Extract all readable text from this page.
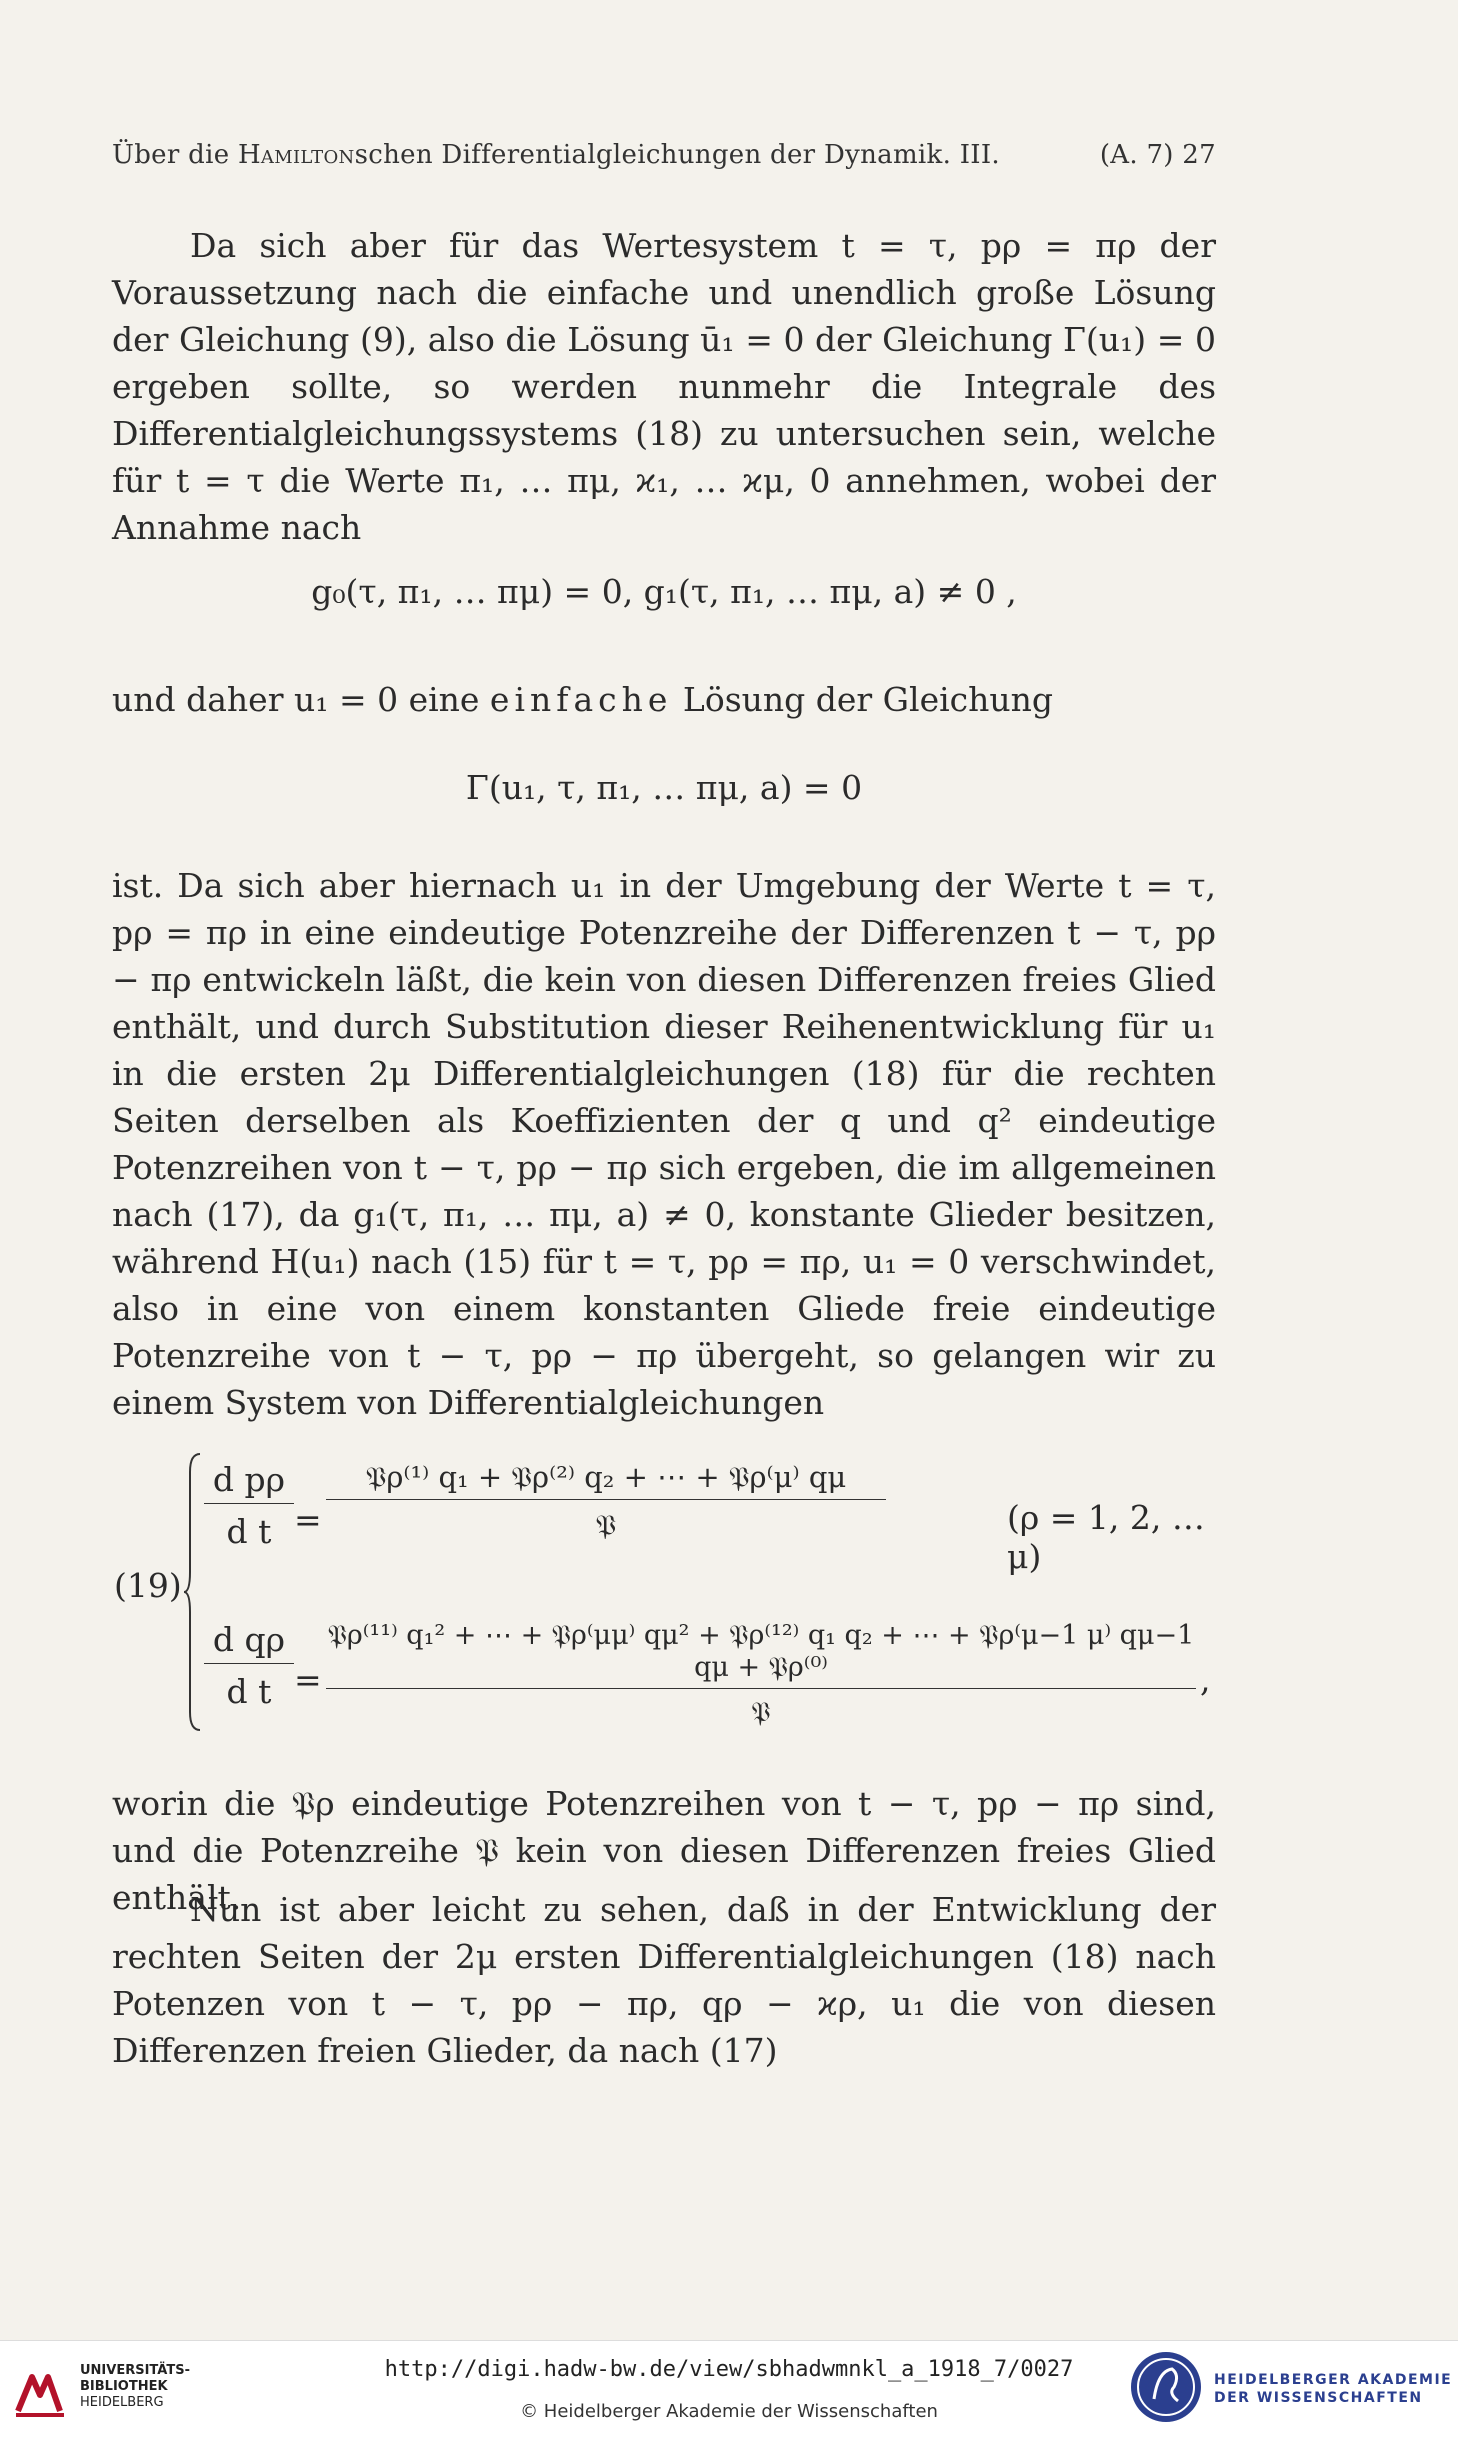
Über die Hamiltonschen Differentialgleichungen der Dynamik. III.	(A. 7) 27

Da sich aber für das Wertesystem t = τ, pρ = πρ der Voraussetzung nach die einfache und unendlich große Lösung der Gleichung (9), also die Lösung ū₁ = 0 der Gleichung Γ(u₁) = 0 ergeben sollte, so werden nunmehr die Integrale des Differentialgleichungssystems (18) zu untersuchen sein, welche für t = τ die Werte π₁, … πμ, ϰ₁, … ϰμ, 0 annehmen, wobei der Annahme nach

g₀(τ, π₁, … πμ) = 0, g₁(τ, π₁, … πμ, a) ≠ 0 ,

und daher u₁ = 0 eine einfache Lösung der Gleichung

Γ(u₁, τ, π₁, … πμ, a) = 0

ist. Da sich aber hiernach u₁ in der Umgebung der Werte t = τ, pρ = πρ in eine eindeutige Potenzreihe der Differenzen t − τ, pρ − πρ entwickeln läßt, die kein von diesen Differenzen freies Glied enthält, und durch Substitution dieser Reihenentwicklung für u₁ in die ersten 2μ Differentialgleichungen (18) für die rechten Seiten derselben als Koeffizienten der q und q² eindeutige Potenzreihen von t − τ, pρ − πρ sich ergeben, die im allgemeinen nach (17), da g₁(τ, π₁, … πμ, a) ≠ 0, konstante Glieder besitzen, während H(u₁) nach (15) für t = τ, pρ = πρ, u₁ = 0 verschwindet, also in eine von einem konstanten Gliede freie eindeutige Potenzreihe von t − τ, pρ − πρ übergeht, so gelangen wir zu einem System von Differentialgleichungen

(19)
$\frac{\text{d pρ}}{\text{d t}}$ =
𝔓ρ⁽¹⁾ q₁ + 𝔓ρ⁽²⁾ q₂ + ⋯ + 𝔓ρ⁽μ⁾ qμ
𝔓	(ρ = 1, 2, … μ)
$\frac{\text{d qρ}}{\text{d t}}$ =
𝔓ρ⁽¹¹⁾ q₁² + ⋯ + 𝔓ρ⁽μμ⁾ qμ² + 𝔓ρ⁽¹²⁾ q₁ q₂ + ⋯ + 𝔓ρ⁽μ−1 μ⁾ qμ−1 qμ + 𝔓ρ⁽⁰⁾
𝔓
,

worin die 𝔓ρ eindeutige Potenzreihen von t − τ, pρ − πρ sind, und die Potenzreihe 𝔓 kein von diesen Differenzen freies Glied enthält.

Nun ist aber leicht zu sehen, daß in der Entwicklung der rechten Seiten der 2μ ersten Differentialgleichungen (18) nach Potenzen von t − τ, pρ − πρ, qρ − ϰρ, u₁ die von diesen Differenzen freien Glieder, da nach (17)

UNIVERSITÄTS-
BIBLIOTHEK
HEIDELBERG
http://digi.hadw-bw.de/view/sbhadwmnkl_a_1918_7/0027
© Heidelberger Akademie der Wissenschaften
HEIDELBERGER AKADEMIE
DER WISSENSCHAFTEN
